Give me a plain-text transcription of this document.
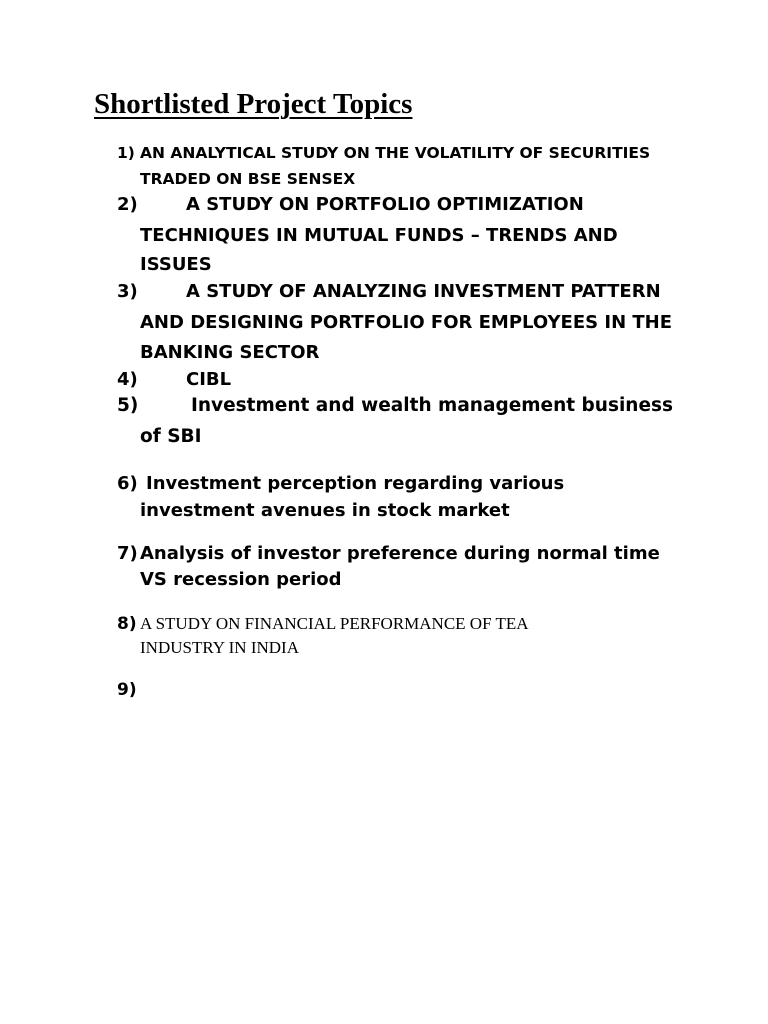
Shortlisted Project Topics
1) AN ANALYTICAL STUDY ON THE VOLATILITY OF SECURITIES
TRADED ON BSE SENSEX
2)	A STUDY ON PORTFOLIO OPTIMIZATION
TECHNIQUES IN MUTUAL FUNDS – TRENDS AND
ISSUES
3)	A STUDY OF ANALYZING INVESTMENT PATTERN
AND DESIGNING PORTFOLIO FOR EMPLOYEES IN THE
BANKING SECTOR
4)	CIBL
5)	Investment and wealth management business
of SBI
6) Investment perception regarding various
investment avenues in stock market
7) Analysis of investor preference during normal time
VS recession period
8) A STUDY ON FINANCIAL PERFORMANCE OF TEA
INDUSTRY IN INDIA
9)
